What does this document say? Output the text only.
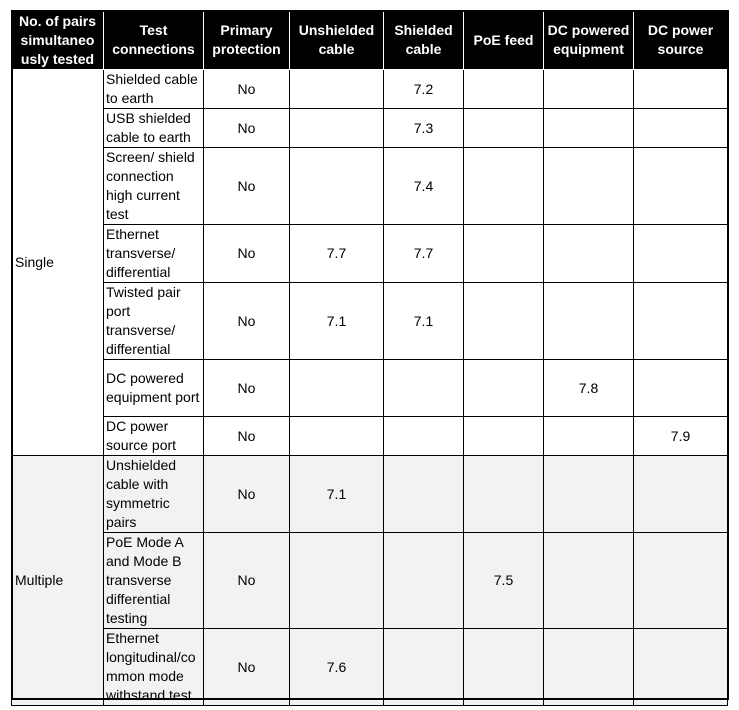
No. of pairs simultaneo usly tested	Test connections	Primary protection	Unshielded cable	Shielded cable	PoE feed	DC powered equipment	DC power source
Single	Shielded cable to earth	No		7.2			
	USB shielded cable to earth	No		7.3			
	Screen/ shield connection high current test	No		7.4			
	Ethernet transverse/ differential	No	7.7	7.7			
	Twisted pair port transverse/ differential	No	7.1	7.1			
	DC powered equipment port	No				7.8	
	DC power source port	No					7.9
Multiple	Unshielded cable with symmetric pairs	No	7.1				
	PoE Mode A and Mode B transverse differential testing	No			7.5		
	Ethernet longitudinal/co mmon mode withstand test	No	7.6				
